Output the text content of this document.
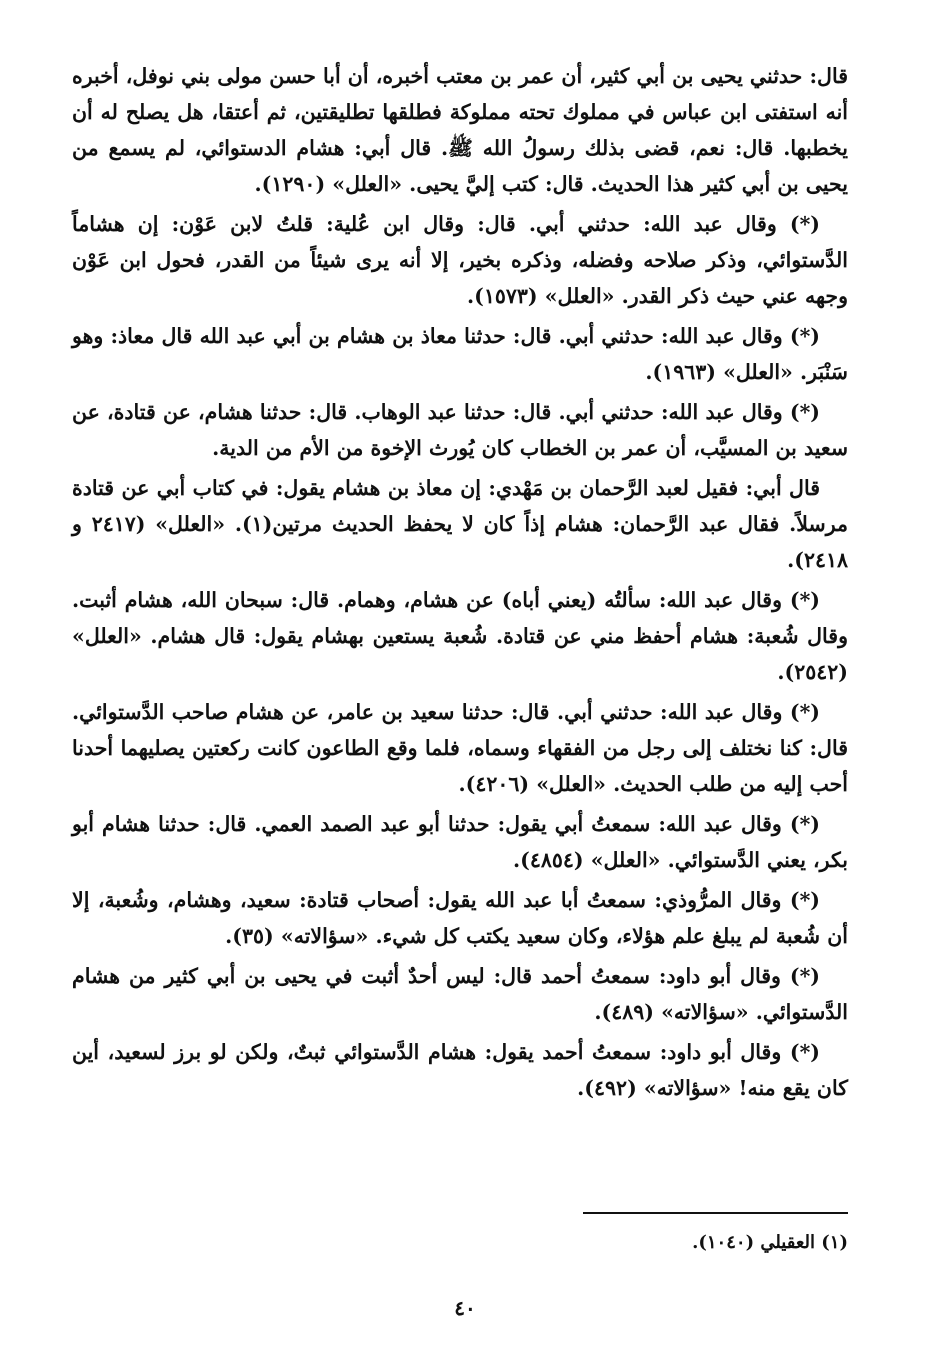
قال: حدثني يحيى بن أبي كثير، أن عمر بن معتب أخبره، أن أبا حسن مولى بني نوفل، أخبره أنه استفتى ابن عباس في مملوك تحته مملوكة فطلقها تطليقتين، ثم أعتقا، هل يصلح له أن يخطبها. قال: نعم، قضى بذلك رسولُ الله ﷺ. قال أبي: هشام الدستوائي، لم يسمع من يحيى بن أبي كثير هذا الحديث. قال: كتب إليَّ يحيى. «العلل» (١٢٩٠).

(*) وقال عبد الله: حدثني أبي. قال: وقال ابن عُلية: قلتُ لابن عَوْن: إن هشاماً الدَّستوائي، وذكر صلاحه وفضله، وذكره بخير، إلا أنه يرى شيئاً من القدر، فحول ابن عَوْن وجهه عني حيث ذكر القدر. «العلل» (١٥٧٣).

(*) وقال عبد الله: حدثني أبي. قال: حدثنا معاذ بن هشام بن أبي عبد الله قال معاذ: وهو سَنْبَر. «العلل» (١٩٦٣).

(*) وقال عبد الله: حدثني أبي. قال: حدثنا عبد الوهاب. قال: حدثنا هشام، عن قتادة، عن سعيد بن المسيَّب، أن عمر بن الخطاب كان يُورث الإخوة من الأم من الدية.

قال أبي: فقيل لعبد الرَّحمان بن مَهْدي: إن معاذ بن هشام يقول: في كتاب أبي عن قتادة مرسلاً. فقال عبد الرَّحمان: هشام إذاً كان لا يحفظ الحديث مرتين(١). «العلل» (٢٤١٧ و ٢٤١٨).

(*) وقال عبد الله: سألتُه (يعني أباه) عن هشام، وهمام. قال: سبحان الله، هشام أثبت. وقال شُعبة: هشام أحفظ مني عن قتادة. شُعبة يستعين بهشام يقول: قال هشام. «العلل» (٢٥٤٢).

(*) وقال عبد الله: حدثني أبي. قال: حدثنا سعيد بن عامر، عن هشام صاحب الدَّستوائي. قال: كنا نختلف إلى رجل من الفقهاء وسماه، فلما وقع الطاعون كانت ركعتين يصليهما أحدنا أحب إليه من طلب الحديث. «العلل» (٤٢٠٦).

(*) وقال عبد الله: سمعتُ أبي يقول: حدثنا أبو عبد الصمد العمي. قال: حدثنا هشام أبو بكر، يعني الدَّستوائي. «العلل» (٤٨٥٤).

(*) وقال المرُّوذي: سمعتُ أبا عبد الله يقول: أصحاب قتادة: سعيد، وهشام، وشُعبة، إلا أن شُعبة لم يبلغ علم هؤلاء، وكان سعيد يكتب كل شيء. «سؤالاته» (٣٥).

(*) وقال أبو داود: سمعتُ أحمد قال: ليس أحدٌ أثبت في يحيى بن أبي كثير من هشام الدَّستوائي. «سؤالاته» (٤٨٩).

(*) وقال أبو داود: سمعتُ أحمد يقول: هشام الدَّستوائي ثبتٌ، ولكن لو برز لسعيد، أين كان يقع منه! «سؤالاته» (٤٩٢).

(١) العقيلي (١٠٤٠).
٤٠
